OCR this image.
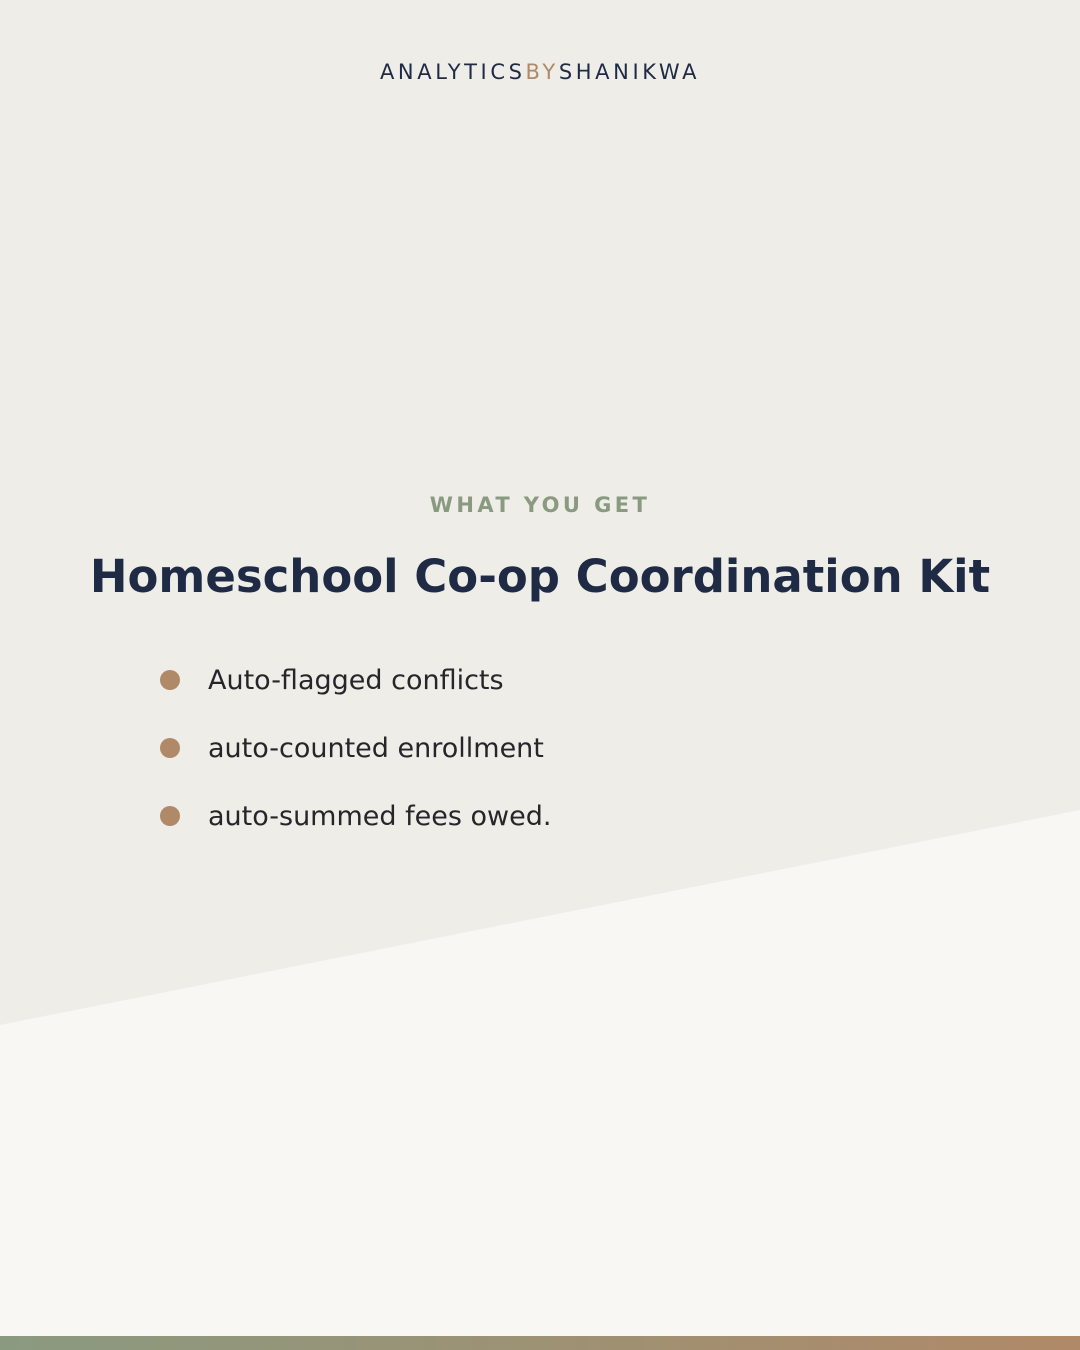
ANALYTICSBYSHANIKWA
WHAT YOU GET
Homeschool Co-op Coordination Kit
Auto-flagged conflicts
auto-counted enrollment
auto-summed fees owed.
